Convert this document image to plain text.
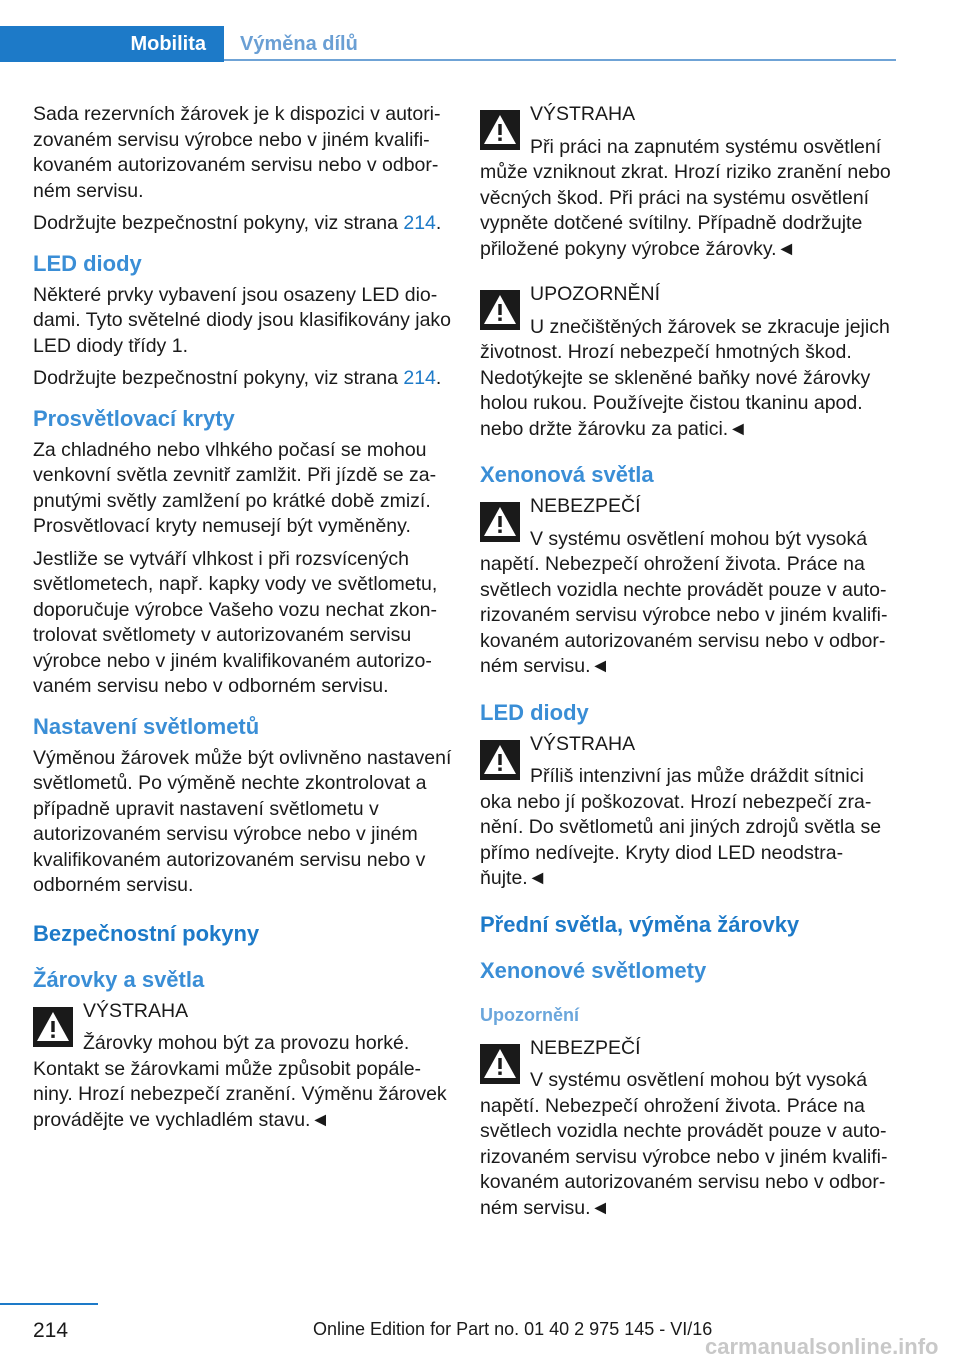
Mobilita	Výměna dílů

Sada rezervních žárovek je k dispozici v autorizovaném servisu výrobce nebo v jiném kvalifikovaném autorizovaném servisu nebo v odborném servisu.

Dodržujte bezpečnostní pokyny, viz strana 214.

LED diody

Některé prvky vybavení jsou osazeny LED diodami. Tyto světelné diody jsou klasifikovány jako LED diody třídy 1.

Dodržujte bezpečnostní pokyny, viz strana 214.

Prosvětlovací kryty

Za chladného nebo vlhkého počasí se mohou venkovní světla zevnitř zamlžit. Při jízdě se zapnutými světly zamlžení po krátké době zmizí. Prosvětlovací kryty nemusejí být vyměněny.

Jestliže se vytváří vlhkost i při rozsvícených světlometech, např. kapky vody ve světlometu, doporučuje výrobce Vašeho vozu nechat zkontrolovat světlomety v autorizovaném servisu výrobce nebo v jiném kvalifikovaném autorizovaném servisu nebo v odborném servisu.

Nastavení světlometů

Výměnou žárovek může být ovlivněno nastavení světlometů. Po výměně nechte zkontrolovat a případně upravit nastavení světlometu v autorizovaném servisu výrobce nebo v jiném kvalifikovaném autorizovaném servisu nebo v odborném servisu.

Bezpečnostní pokyny
Žárovky a světla
VÝSTRAHA

Žárovky mohou být za provozu horké. Kontakt se žárovkami může způsobit popáleniny. Hrozí nebezpečí zranění. Výměnu žárovek provádějte ve vychladlém stavu.◄

VÝSTRAHA

Při práci na zapnutém systému osvětlení může vzniknout zkrat. Hrozí riziko zranění nebo věcných škod. Při práci na systému osvětlení vypněte dotčené svítilny. Případně dodržujte přiložené pokyny výrobce žárovky.◄

UPOZORNĚNÍ

U znečištěných žárovek se zkracuje jejich životnost. Hrozí nebezpečí hmotných škod. Nedotýkejte se skleněné baňky nové žárovky holou rukou. Používejte čistou tkaninu apod. nebo držte žárovku za patici.◄

Xenonová světla
NEBEZPEČÍ

V systému osvětlení mohou být vysoká napětí. Nebezpečí ohrožení života. Práce na světlech vozidla nechte provádět pouze v autorizovaném servisu výrobce nebo v jiném kvalifikovaném autorizovaném servisu nebo v odborném servisu.◄

LED diody
VÝSTRAHA

Příliš intenzivní jas může dráždit sítnici oka nebo jí poškozovat. Hrozí nebezpečí zranění. Do světlometů ani jiných zdrojů světla se přímo nedívejte. Kryty diod LED neodstraňujte.◄

Přední světla, výměna žárovky
Xenonové světlomety
Upozornění
NEBEZPEČÍ

V systému osvětlení mohou být vysoká napětí. Nebezpečí ohrožení života. Práce na světlech vozidla nechte provádět pouze v autorizovaném servisu výrobce nebo v jiném kvalifikovaném autorizovaném servisu nebo v odborném servisu.◄

214	Online Edition for Part no. 01 40 2 975 145 - VI/16
carmanualsonline.info
